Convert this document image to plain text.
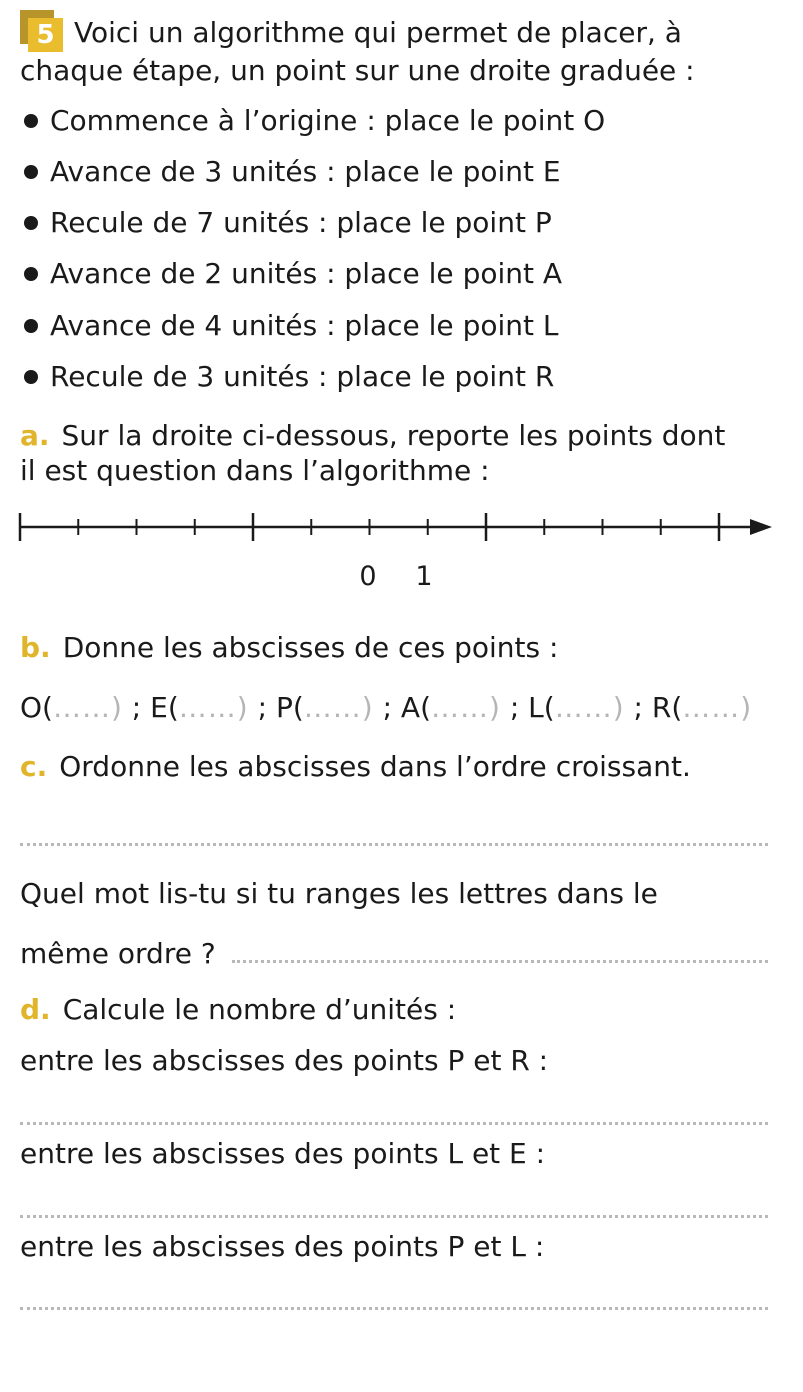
5 Voici un algorithme qui permet de placer, à
chaque étape, un point sur une droite graduée :
Commence à l’origine : place le point O
Avance de 3 unités : place le point E
Recule de 7 unités : place le point P
Avance de 2 unités : place le point A
Avance de 4 unités : place le point L
Recule de 3 unités : place le point R
a. Sur la droite ci-dessous, reporte les points dont
il est question dans l’algorithme :
0 1
b. Donne les abscisses de ces points :
O(……) ; E(……) ; P(……) ; A(……) ; L(……) ; R(……)
c. Ordonne les abscisses dans l’ordre croissant.
Quel mot lis-tu si tu ranges les lettres dans le
même ordre ?
d. Calcule le nombre d’unités :
entre les abscisses des points P et R :
entre les abscisses des points L et E :
entre les abscisses des points P et L :
